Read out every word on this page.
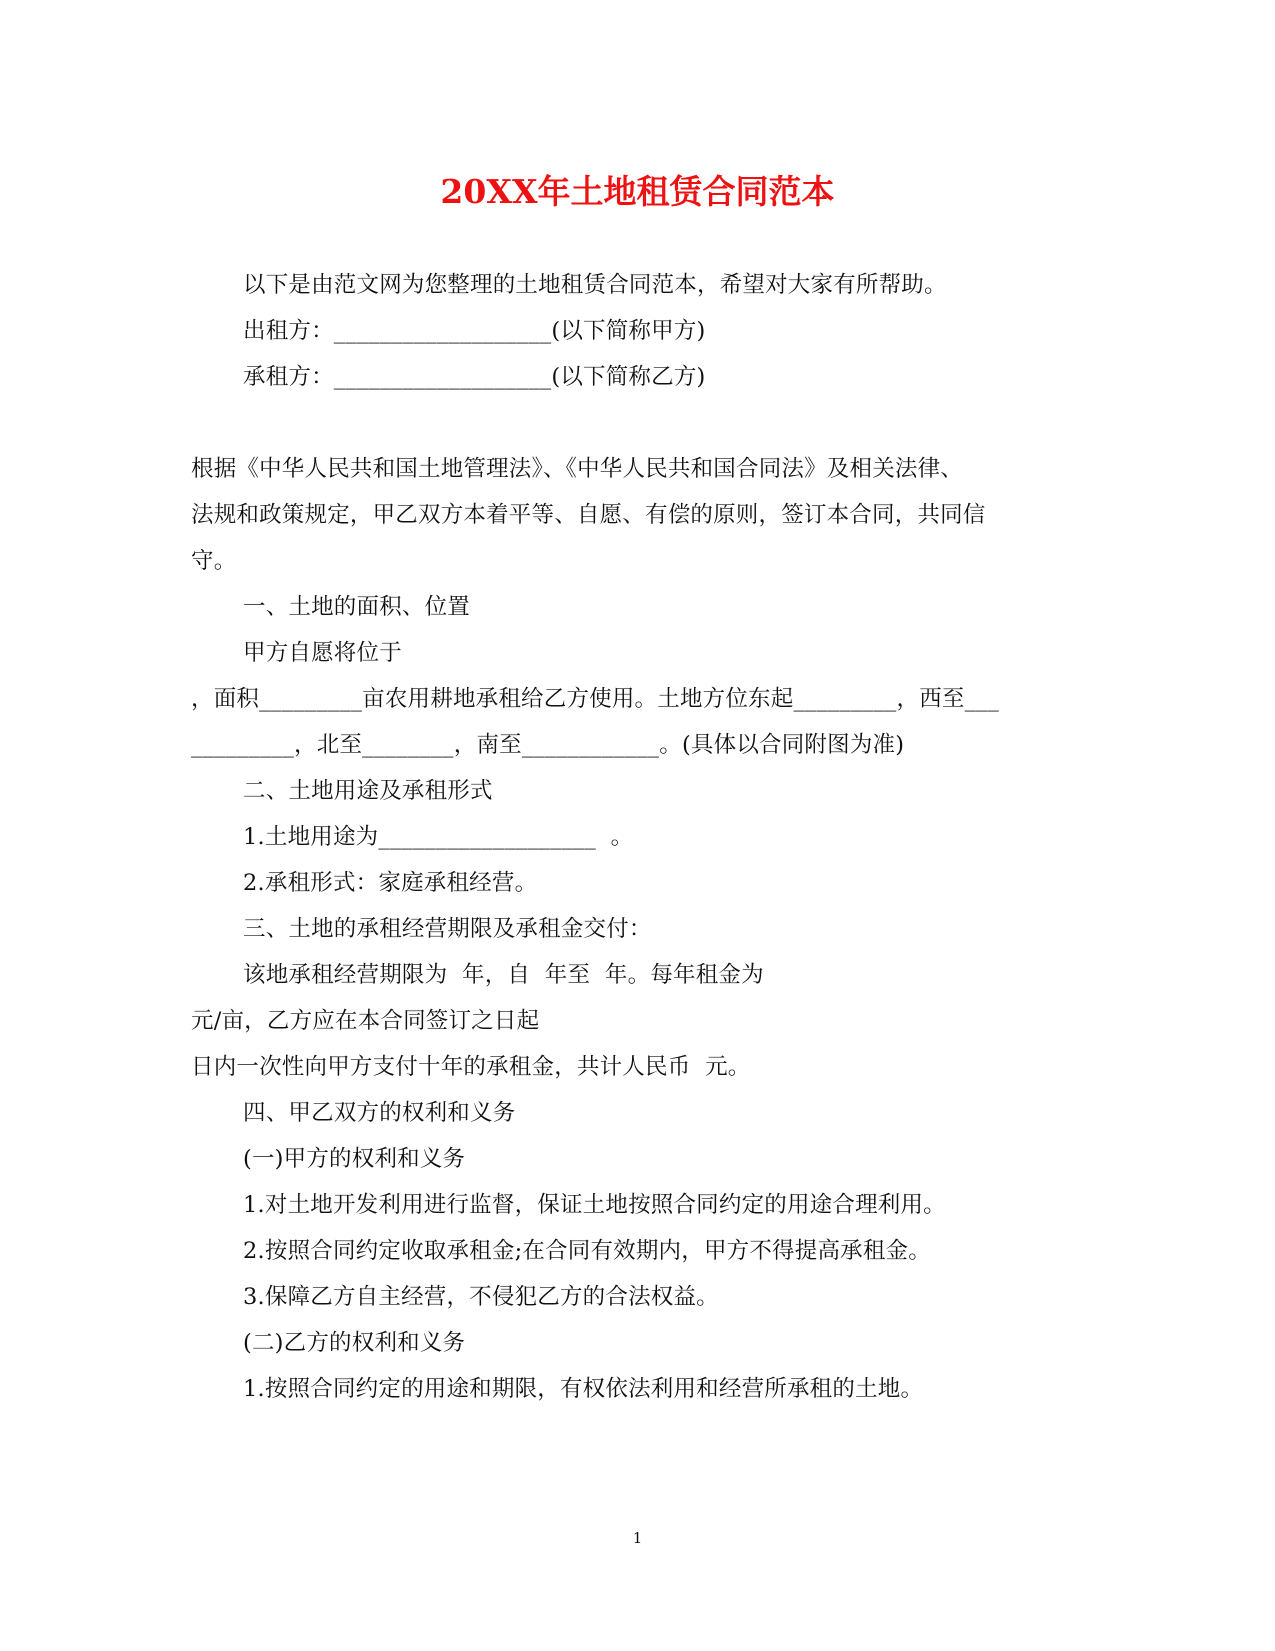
20XX年土地租赁合同范本
以下是由范文网为您整理的土地租赁合同范本，希望对大家有所帮助。
出租方：___________________(以下简称甲方)
承租方：___________________(以下简称乙方)
根据《中华人民共和国土地管理法》、《中华人民共和国合同法》及相关法律、
法规和政策规定，甲乙双方本着平等、自愿、有偿的原则，签订本合同，共同信
守。
一、土地的面积、位置
甲方自愿将位于
，面积_________亩农用耕地承租给乙方使用。土地方位东起_________，西至___
_________，北至________，南至____________。(具体以合同附图为准)
二、土地用途及承租形式
1.土地用途为___________________  。
2.承租形式：家庭承租经营。
三、土地的承租经营期限及承租金交付：
该地承租经营期限为  年，自  年至  年。每年租金为
元/亩，乙方应在本合同签订之日起
日内一次性向甲方支付十年的承租金，共计人民币  元。
四、甲乙双方的权利和义务
(一)甲方的权利和义务
1.对土地开发利用进行监督，保证土地按照合同约定的用途合理利用。
2.按照合同约定收取承租金;在合同有效期内，甲方不得提高承租金。
3.保障乙方自主经营，不侵犯乙方的合法权益。
(二)乙方的权利和义务
1.按照合同约定的用途和期限，有权依法利用和经营所承租的土地。
1
